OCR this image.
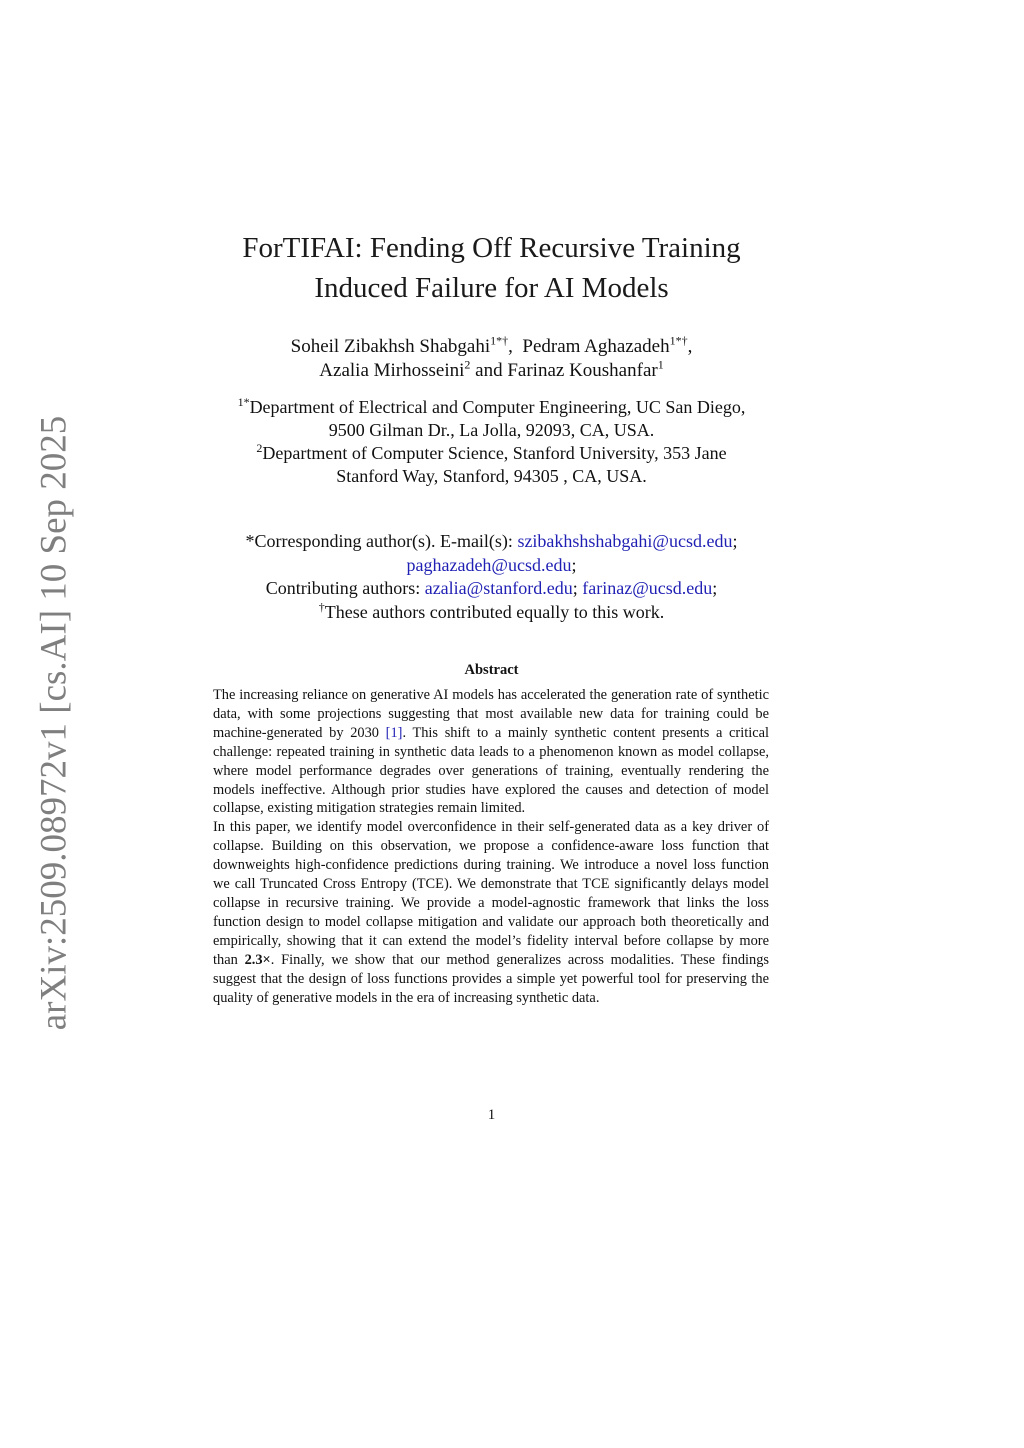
arXiv:2509.08972v1 [cs.AI] 10 Sep 2025
ForTIFAI: Fending Off Recursive Training
Induced Failure for AI Models
Soheil Zibakhsh Shabgahi$^{1*\dagger}$,  Pedram Aghazadeh$^{1*\dagger}$,
Azalia Mirhosseini$^2$ and Farinaz Koushanfar$^1$
$^{1*}$Department of Electrical and Computer Engineering, UC San Diego,
9500 Gilman Dr., La Jolla, 92093, CA, USA.
$^2$Department of Computer Science, Stanford University, 353 Jane
Stanford Way, Stanford, 94305 , CA, USA.
*Corresponding author(s). E-mail(s): szibakhshshabgahi@ucsd.edu;
paghazadeh@ucsd.edu;
Contributing authors: azalia@stanford.edu; farinaz@ucsd.edu;
†These authors contributed equally to this work.
Abstract

The increasing reliance on generative AI models has accelerated the generation rate of synthetic data, with some projections suggesting that most available new data for training could be machine-generated by 2030 [1]. This shift to a mainly synthetic content presents a critical challenge: repeated training in synthetic data leads to a phenomenon known as model collapse, where model performance degrades over generations of training, eventually rendering the models ineffective. Although prior studies have explored the causes and detection of model collapse, existing mitigation strategies remain limited.

In this paper, we identify model overconfidence in their self-generated data as a key driver of collapse. Building on this observation, we propose a confidence-aware loss function that downweights high-confidence predictions during training. We introduce a novel loss function we call Truncated Cross Entropy (TCE). We demonstrate that TCE significantly delays model collapse in recursive training. We provide a model-agnostic framework that links the loss function design to model collapse mitigation and validate our approach both theoretically and empirically, showing that it can extend the model’s fidelity interval before collapse by more than 2.3×. Finally, we show that our method generalizes across modalities. These findings suggest that the design of loss functions provides a simple yet powerful tool for preserving the quality of generative models in the era of increasing synthetic data.

1
